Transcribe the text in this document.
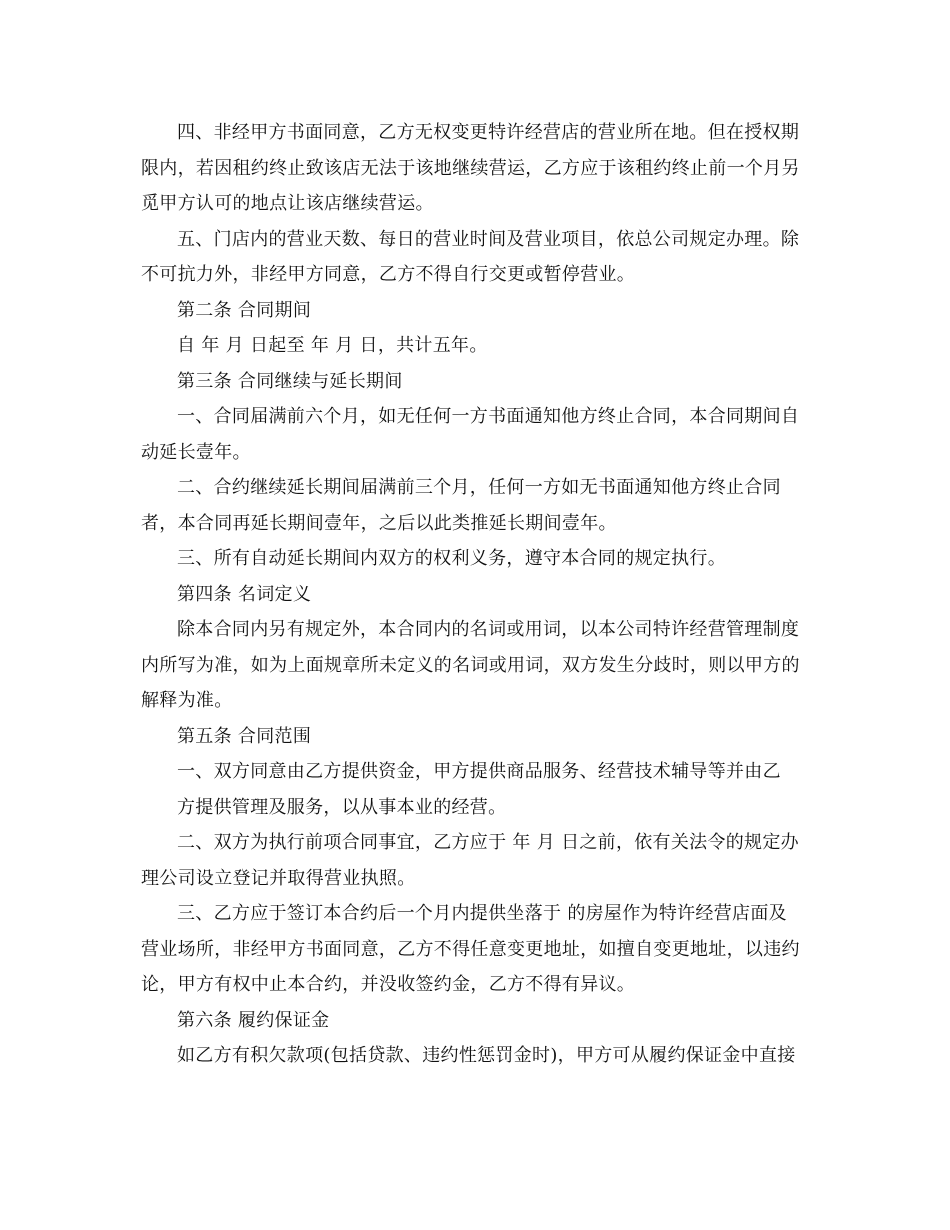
四、非经甲方书面同意，乙方无权变更特许经营店的营业所在地。但在授权期
限内，若因租约终止致该店无法于该地继续营运，乙方应于该租约终止前一个月另
觅甲方认可的地点让该店继续营运。
五、门店内的营业天数、每日的营业时间及营业项目，依总公司规定办理。除
不可抗力外，非经甲方同意，乙方不得自行交更或暂停营业。
第二条 合同期间
自 年 月 日起至 年 月 日，共计五年。
第三条 合同继续与延长期间
一、合同届满前六个月，如无任何一方书面通知他方终止合同，本合同期间自
动延长壹年。
二、合约继续延长期间届满前三个月，任何一方如无书面通知他方终止合同
者，本合同再延长期间壹年，之后以此类推延长期间壹年。
三、所有自动延长期间内双方的权利义务，遵守本合同的规定执行。
第四条 名词定义
除本合同内另有规定外，本合同内的名词或用词，以本公司特许经营管理制度
内所写为准，如为上面规章所未定义的名词或用词，双方发生分歧时，则以甲方的
解释为准。
第五条 合同范围
一、双方同意由乙方提供资金，甲方提供商品服务、经营技术辅导等并由乙
方提供管理及服务，以从事本业的经营。
二、双方为执行前项合同事宜，乙方应于 年 月 日之前，依有关法令的规定办
理公司设立登记并取得营业执照。
三、乙方应于签订本合约后一个月内提供坐落于 的房屋作为特许经营店面及
营业场所，非经甲方书面同意，乙方不得任意变更地址，如擅自变更地址，以违约
论，甲方有权中止本合约，并没收签约金，乙方不得有异议。
第六条 履约保证金
如乙方有积欠款项(包括贷款、违约性惩罚金时)，甲方可从履约保证金中直接
